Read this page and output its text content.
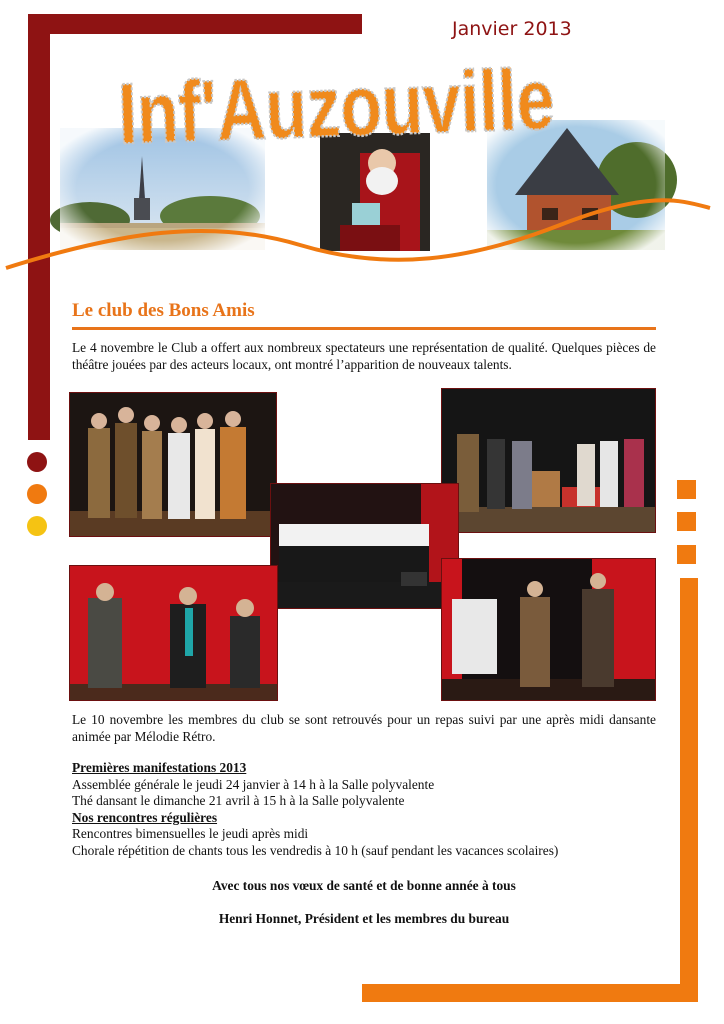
Janvier 2013
Inf'Auzouville
Le club des Bons Amis

Le 4 novembre le Club a offert aux nombreux spectateurs une représentation de qualité. Quelques pièces de théâtre jouées par des acteurs locaux, ont montré l’apparition de nouveaux talents.

Le 10 novembre les membres du club se sont retrouvés pour un repas suivi par une après midi dansante animée par Mélodie Rétro.

Premières manifestations 2013
Assemblée générale le jeudi 24 janvier à 14 h à la Salle polyvalente
Thé dansant le dimanche 21 avril à 15 h à la Salle polyvalente
Nos rencontres régulières
Rencontres bimensuelles le jeudi après midi
Chorale répétition de chants tous les vendredis à 10 h (sauf pendant les vacances scolaires)

Avec tous nos vœux de santé et de bonne année à tous

Henri Honnet, Président et les membres du bureau
